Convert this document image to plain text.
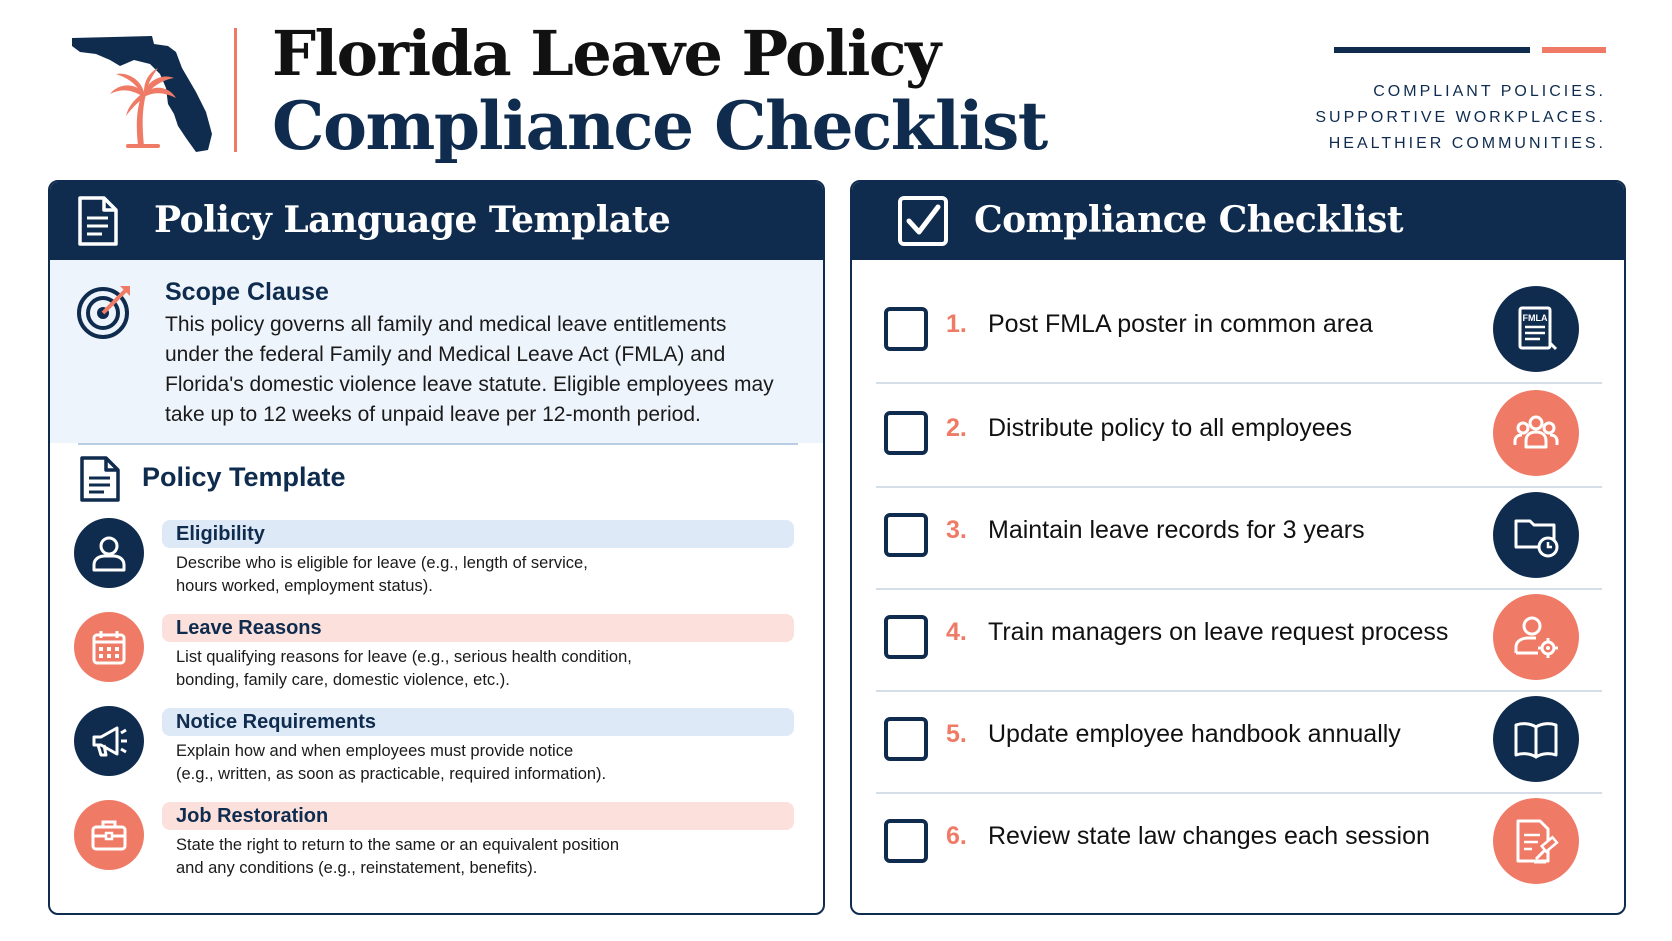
Florida Leave Policy
Compliance Checklist	COMPLIANT POLICIES.
SUPPORTIVE WORKPLACES.
HEALTHIER COMMUNITIES.
Policy Language Template
Scope Clause
This policy governs all family and medical leave entitlements under the federal Family and Medical Leave Act (FMLA) and Florida's domestic violence leave statute. Eligible employees may take up to 12 weeks of unpaid leave per 12-month period.
Policy Template
Eligibility
Describe who is eligible for leave (e.g., length of service,
hours worked, employment status).
Leave Reasons
List qualifying reasons for leave (e.g., serious health condition,
bonding, family care, domestic violence, etc.).
Notice Requirements
Explain how and when employees must provide notice
(e.g., written, as soon as practicable, required information).
Job Restoration
State the right to return to the same or an equivalent position
and any conditions (e.g., reinstatement, benefits).
Compliance Checklist
1. Post FMLA poster in common area	FMLA
2. Distribute policy to all employees
3. Maintain leave records for 3 years
4. Train managers on leave request process
5. Update employee handbook annually
6. Review state law changes each session
